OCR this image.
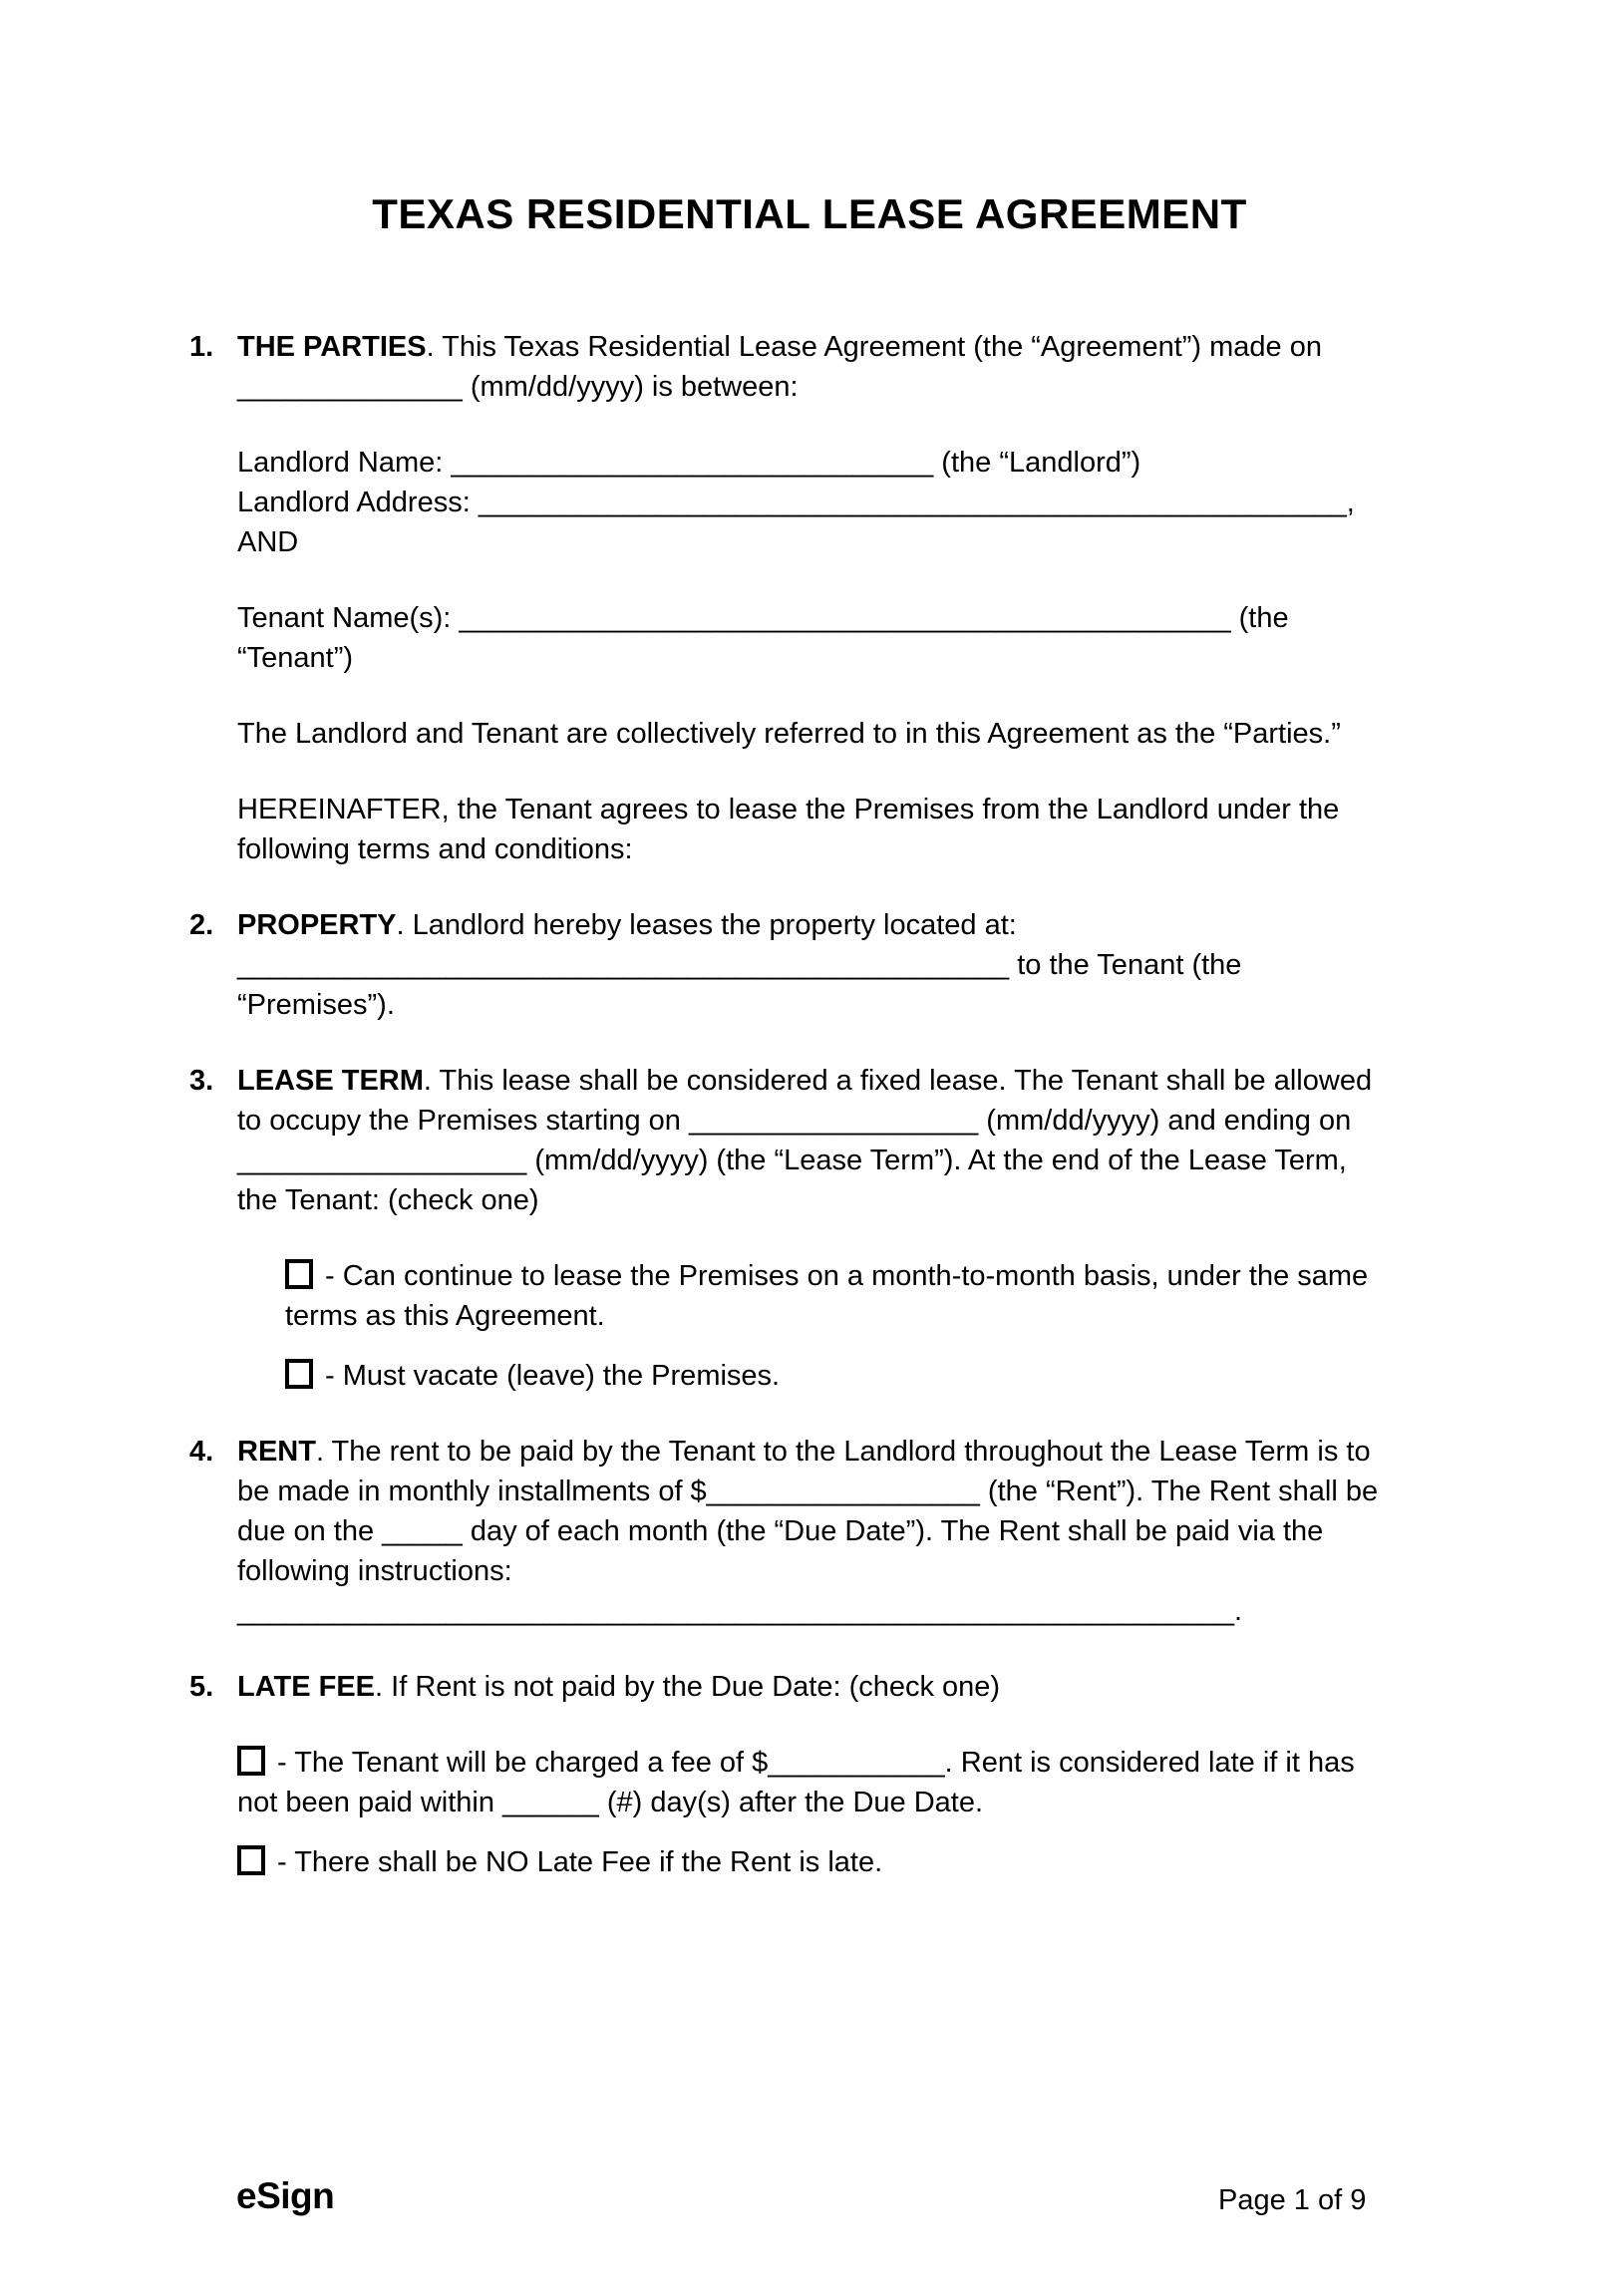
TEXAS RESIDENTIAL LEASE AGREEMENT
1. THE PARTIES. This Texas Residential Lease Agreement (the “Agreement”) made on ______________ (mm/dd/yyyy) is between:

Landlord Name: ______________________________ (the “Landlord”)

Landlord Address: ______________________________________________________, AND

Tenant Name(s): ________________________________________________ (the “Tenant”)

The Landlord and Tenant are collectively referred to in this Agreement as the “Parties.”

HEREINAFTER, the Tenant agrees to lease the Premises from the Landlord under the following terms and conditions:

2. PROPERTY. Landlord hereby leases the property located at: ________________________________________________ to the Tenant (the “Premises”).

3. LEASE TERM. This lease shall be considered a fixed lease. The Tenant shall be allowed to occupy the Premises starting on __________________ (mm/dd/yyyy) and ending on __________________ (mm/dd/yyyy) (the “Lease Term”). At the end of the Lease Term, the Tenant: (check one)

- Can continue to lease the Premises on a month-to-month basis, under the same terms as this Agreement.

- Must vacate (leave) the Premises.

4. RENT. The rent to be paid by the Tenant to the Landlord throughout the Lease Term is to be made in monthly installments of $_________________ (the “Rent”). The Rent shall be due on the _____ day of each month (the “Due Date”). The Rent shall be paid via the following instructions: ______________________________________________________________.

5. LATE FEE. If Rent is not paid by the Due Date: (check one)

- The Tenant will be charged a fee of $___________. Rent is considered late if it has not been paid within ______ (#) day(s) after the Due Date.

- There shall be NO Late Fee if the Rent is late.

eSign	Page 1 of 9
